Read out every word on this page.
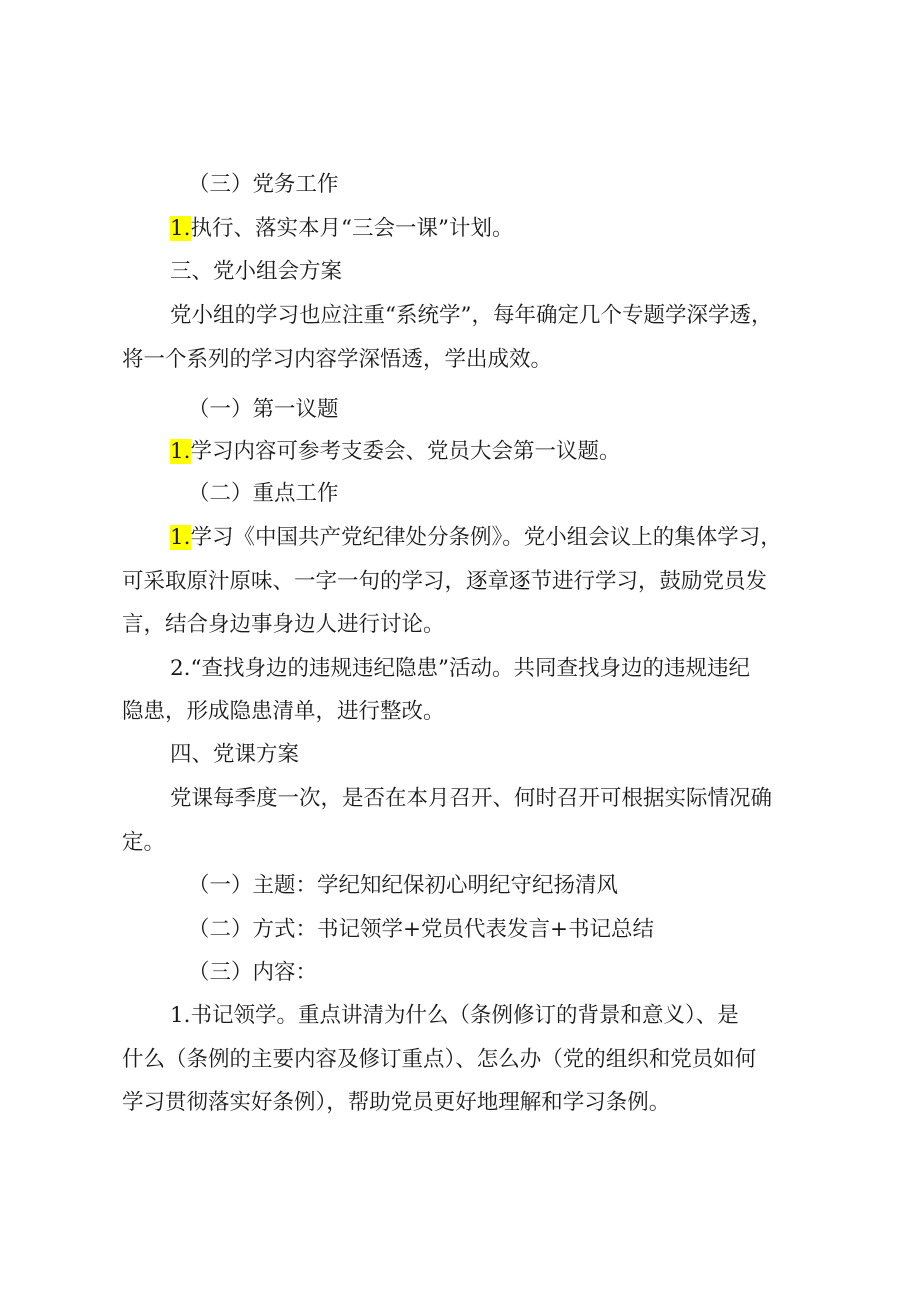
（三）党务工作
1.执行、落实本月“三会一课”计划。
三、党小组会方案
党小组的学习也应注重“系统学”，每年确定几个专题学深学透，
将一个系列的学习内容学深悟透，学出成效。
（一）第一议题
1.学习内容可参考支委会、党员大会第一议题。
（二）重点工作
1.学习《中国共产党纪律处分条例》。党小组会议上的集体学习，
可采取原汁原味、一字一句的学习，逐章逐节进行学习，鼓励党员发
言，结合身边事身边人进行讨论。
2.“查找身边的违规违纪隐患”活动。共同查找身边的违规违纪
隐患，形成隐患清单，进行整改。
四、党课方案
党课每季度一次，是否在本月召开、何时召开可根据实际情况确
定。
（一）主题：学纪知纪保初心明纪守纪扬清风
（二）方式：书记领学+党员代表发言+书记总结
（三）内容：
1.书记领学。重点讲清为什么（条例修订的背景和意义）、是
什么（条例的主要内容及修订重点）、怎么办（党的组织和党员如何
学习贯彻落实好条例），帮助党员更好地理解和学习条例。
